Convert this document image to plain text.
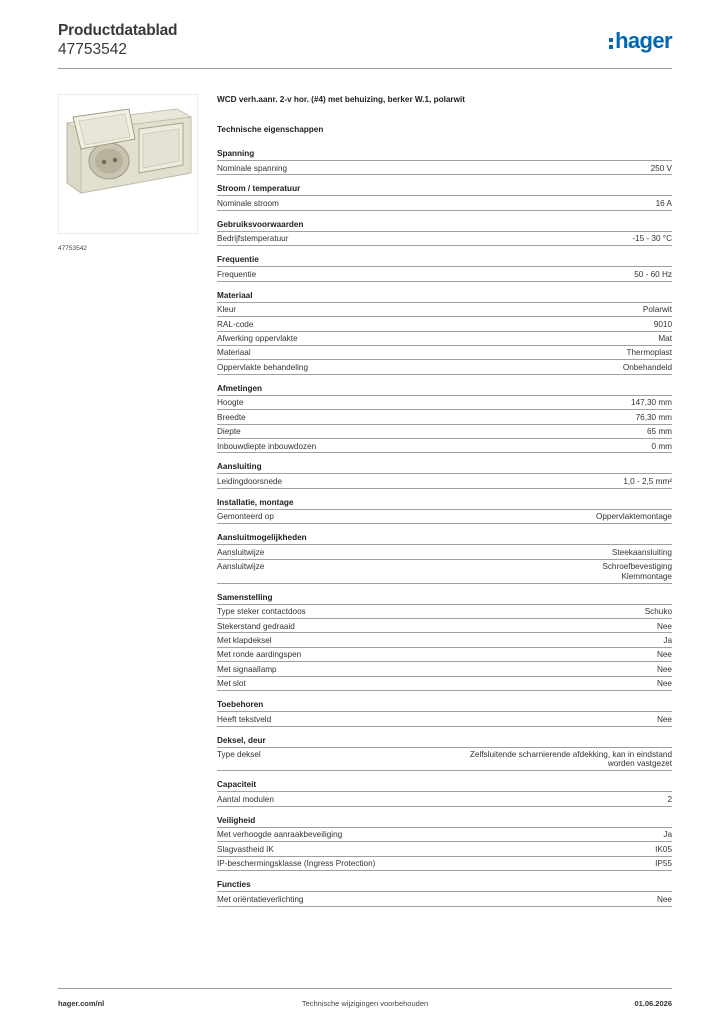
Productdatablad
47753542	hager
47753542
WCD verh.aanr. 2-v hor. (#4) met behuizing, berker W.1, polarwit
Technische eigenschappen
Spanning
Nominale spanning	250 V
Stroom / temperatuur
Nominale stroom	16 A
Gebruiksvoorwaarden
Bedrijfstemperatuur	-15 - 30 °C
Frequentie
Frequentie	50 - 60 Hz
Materiaal
Kleur	Polarwit
RAL-code	9010
Afwerking oppervlakte	Mat
Materiaal	Thermoplast
Oppervlakte behandeling	Onbehandeld
Afmetingen
Hoogte	147,30 mm
Breedte	76,30 mm
Diepte	65 mm
Inbouwdiepte inbouwdozen	0 mm
Aansluiting
Leidingdoorsnede	1,0 - 2,5 mm²
Installatie, montage
Gemonteerd op	Oppervlaktemontage
Aansluitmogelijkheden
Aansluitwijze	Steekaansluiting
Aansluitwijze	Schroefbevestiging
Klemmontage
Samenstelling
Type steker contactdoos	Schuko
Stekerstand gedraaid	Nee
Met klapdeksel	Ja
Met ronde aardingspen	Nee
Met signaallamp	Nee
Met slot	Nee
Toebehoren
Heeft tekstveld	Nee
Deksel, deur
Type deksel	Zelfsluitende scharnierende afdekking, kan in eindstand
worden vastgezet
Capaciteit
Aantal modulen	2
Veiligheid
Met verhoogde aanraakbeveiliging	Ja
Slagvastheid IK	IK05
IP-beschermingsklasse (Ingress Protection)	IP55
Functies
Met oriëntatieverlichting	Nee
hager.com/nl	Technische wijzigingen voorbehouden	01.06.2026
